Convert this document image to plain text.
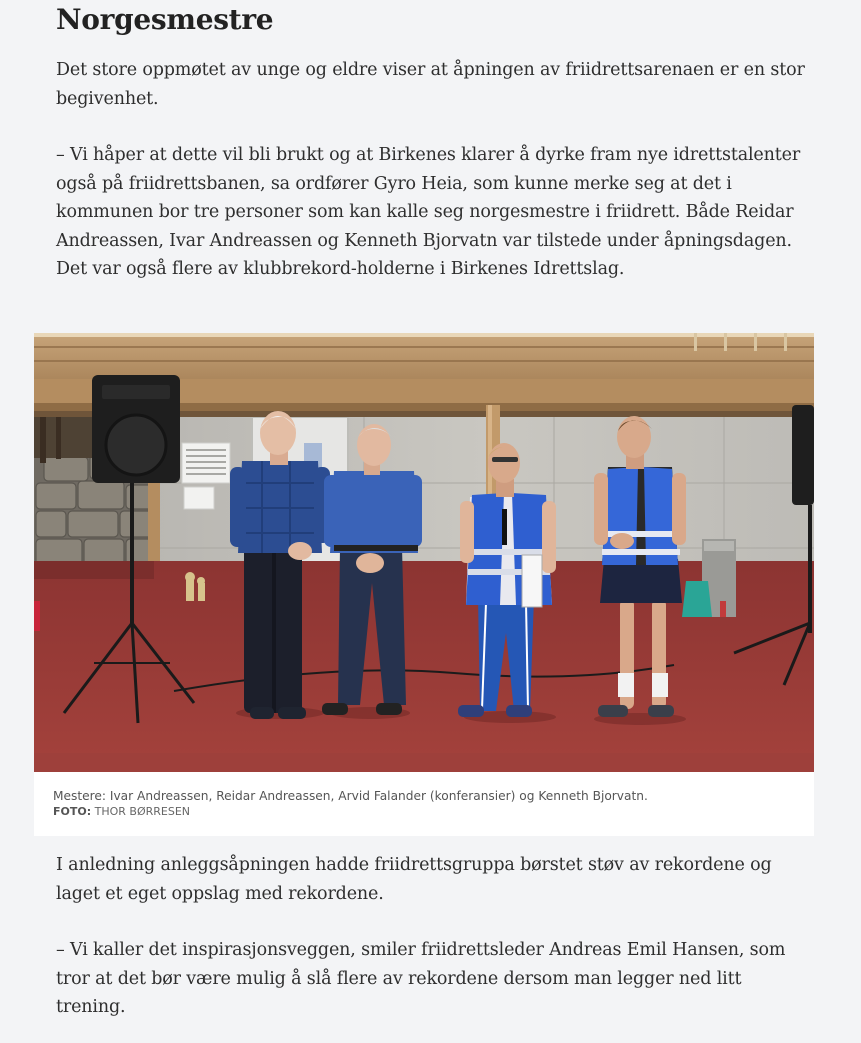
Norgesmestre

Det store oppmøtet av unge og eldre viser at åpningen av friidrettsarenaen er en stor begivenhet.

– Vi håper at dette vil bli brukt og at Birkenes klarer å dyrke fram nye idrettstalenter også på friidrettsbanen, sa ordfører Gyro Heia, som kunne merke seg at det i kommunen bor tre personer som kan kalle seg norgesmestre i friidrett. Både Reidar Andreassen, Ivar Andreassen og Kenneth Bjorvatn var tilstede under åpningsdagen. Det var også flere av klubbrekord-holderne i Birkenes Idrettslag.

Mestere: Ivar Andreassen, Reidar Andreassen, Arvid Falander (konferansier) og Kenneth Bjorvatn.
FOTO: THOR BØRRESEN

I anledning anleggsåpningen hadde friidrettsgruppa børstet støv av rekordene og laget et eget oppslag med rekordene.

– Vi kaller det inspirasjonsveggen, smiler friidrettsleder Andreas Emil Hansen, som tror at det bør være mulig å slå flere av rekordene dersom man legger ned litt trening.
